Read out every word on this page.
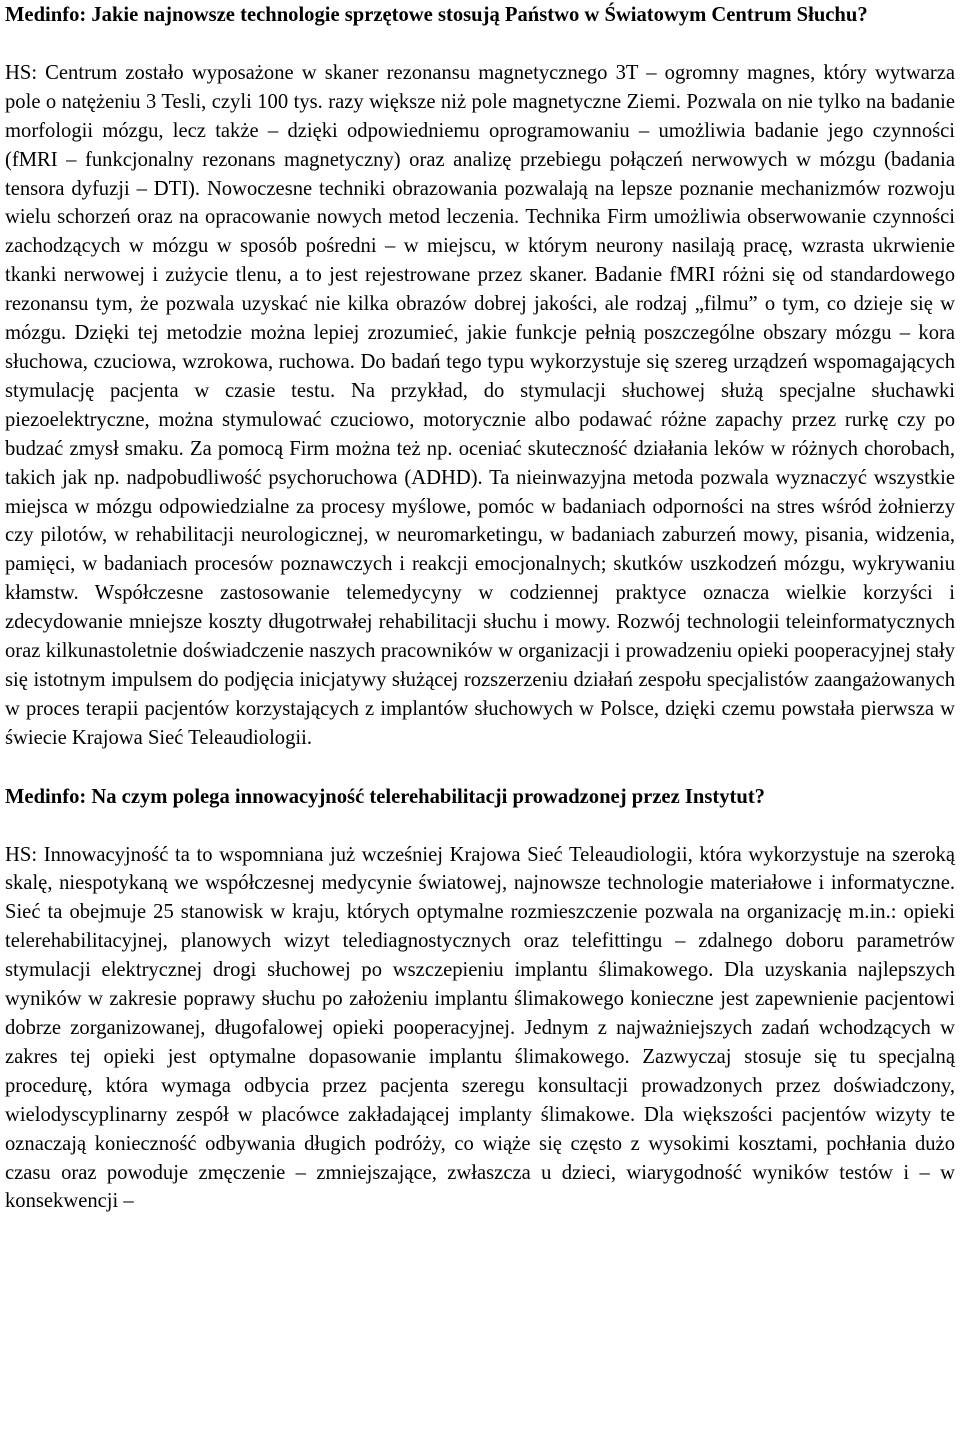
Medinfo: Jakie najnowsze technologie sprzętowe stosują Państwo w Światowym Centrum Słuchu?

HS: Centrum zostało wyposażone w skaner rezonansu magnetycznego 3T – ogromny magnes, który wytwarza pole o natężeniu 3 Tesli, czyli 100 tys. razy większe niż pole magnetyczne Ziemi. Pozwala on nie tylko na badanie morfologii mózgu, lecz także – dzięki odpowiedniemu oprogramowaniu – umożliwia badanie jego czynności (fMRI – funkcjonalny rezonans magnetyczny) oraz analizę przebiegu połączeń nerwowych w mózgu (badania tensora dyfuzji – DTI). Nowoczesne techniki obrazowania pozwalają na lepsze poznanie mechanizmów rozwoju wielu schorzeń oraz na opracowanie nowych metod leczenia. Technika Firm umożliwia obserwowanie czynności zachodzących w mózgu w sposób pośredni – w miejscu, w którym neurony nasilają pracę, wzrasta ukrwienie tkanki nerwowej i zużycie tlenu, a to jest rejestrowane przez skaner. Badanie fMRI różni się od standardowego rezonansu tym, że pozwala uzyskać nie kilka obrazów dobrej jakości, ale rodzaj „filmu” o tym, co dzieje się w mózgu. Dzięki tej metodzie można lepiej zrozumieć, jakie funkcje pełnią poszczególne obszary mózgu – kora słuchowa, czuciowa, wzrokowa, ruchowa. Do badań tego typu wykorzystuje się szereg urządzeń wspomagających stymulację pacjenta w czasie testu. Na przykład, do stymulacji słuchowej służą specjalne słuchawki piezoelektryczne, można stymulować czuciowo, motorycznie albo podawać różne zapachy przez rurkę czy po budzać zmysł smaku. Za pomocą Firm można też np. oceniać skuteczność działania leków w różnych chorobach, takich jak np. nadpobudliwość psychoruchowa (ADHD). Ta nieinwazyjna metoda pozwala wyznaczyć wszystkie miejsca w mózgu odpowiedzialne za procesy myślowe, pomóc w badaniach odporności na stres wśród żołnierzy czy pilotów, w rehabilitacji neurologicznej, w neuromarketingu, w badaniach zaburzeń mowy, pisania, widzenia, pamięci, w badaniach procesów poznawczych i reakcji emocjonalnych; skutków uszkodzeń mózgu, wykrywaniu kłamstw. Współczesne zastosowanie telemedycyny w codziennej praktyce oznacza wielkie korzyści i zdecydowanie mniejsze koszty długotrwałej rehabilitacji słuchu i mowy. Rozwój technologii teleinformatycznych oraz kilkunastoletnie doświadczenie naszych pracowników w organizacji i prowadzeniu opieki pooperacyjnej stały się istotnym impulsem do podjęcia inicjatywy służącej rozszerzeniu działań zespołu specjalistów zaangażowanych w proces terapii pacjentów korzystających z implantów słuchowych w Polsce, dzięki czemu powstała pierwsza w świecie Krajowa Sieć Teleaudiologii.

Medinfo: Na czym polega innowacyjność telerehabilitacji prowadzonej przez Instytut?

HS: Innowacyjność ta to wspomniana już wcześniej Krajowa Sieć Teleaudiologii, która wykorzystuje na szeroką skalę, niespotykaną we współczesnej medycynie światowej, najnowsze technologie materiałowe i informatyczne. Sieć ta obejmuje 25 stanowisk w kraju, których optymalne rozmieszczenie pozwala na organizację m.in.: opieki telerehabilitacyjnej, planowych wizyt telediagnostycznych oraz telefittingu – zdalnego doboru parametrów stymulacji elektrycznej drogi słuchowej po wszczepieniu implantu ślimakowego. Dla uzyskania najlepszych wyników w zakresie poprawy słuchu po założeniu implantu ślimakowego konieczne jest zapewnienie pacjentowi dobrze zorganizowanej, długofalowej opieki pooperacyjnej. Jednym z najważniejszych zadań wchodzących w zakres tej opieki jest optymalne dopasowanie implantu ślimakowego. Zazwyczaj stosuje się tu specjalną procedurę, która wymaga odbycia przez pacjenta szeregu konsultacji prowadzonych przez doświadczony, wielodyscyplinarny zespół w placówce zakładającej implanty ślimakowe. Dla większości pacjentów wizyty te oznaczają konieczność odbywania długich podróży, co wiąże się często z wysokimi kosztami, pochłania dużo czasu oraz powoduje zmęczenie – zmniejszające, zwłaszcza u dzieci, wiarygodność wyników testów i – w konsekwencji –
